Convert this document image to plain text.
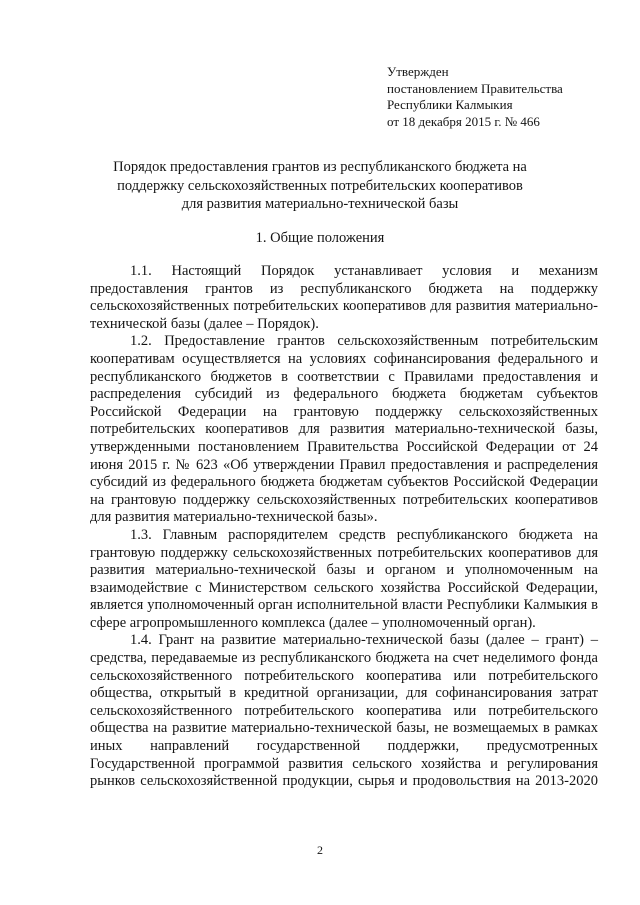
Утвержден
постановлением Правительства
Республики Калмыкия
от 18 декабря 2015 г. № 466
Порядок предоставления грантов из республиканского бюджета на поддержку сельскохозяйственных потребительских кооперативов для развития материально-технической базы
1. Общие положения

1.1. Настоящий Порядок устанавливает условия и механизм предоставления грантов из республиканского бюджета на поддержку сельскохозяйственных потребительских кооперативов для развития материально-технической базы (далее – Порядок).

1.2. Предоставление грантов сельскохозяйственным потребительским кооперативам осуществляется на условиях софинансирования федерального и республиканского бюджетов в соответствии с Правилами предоставления и распределения субсидий из федерального бюджета бюджетам субъектов Российской Федерации на грантовую поддержку сельскохозяйственных потребительских кооперативов для развития материально-технической базы, утвержденными постановлением Правительства Российской Федерации от 24 июня 2015 г. № 623 «Об утверждении Правил предоставления и распределения субсидий из федерального бюджета бюджетам субъектов Российской Федерации на грантовую поддержку сельскохозяйственных потребительских кооперативов для развития материально-технической базы».

1.3. Главным распорядителем средств республиканского бюджета на грантовую поддержку сельскохозяйственных потребительских кооперативов для развития материально-технической базы и органом и уполномоченным на взаимодействие с Министерством сельского хозяйства Российской Федерации, является уполномоченный орган исполнительной власти Республики Калмыкия в сфере агропромышленного комплекса (далее – уполномоченный орган).

1.4. Грант на развитие материально-технической базы (далее – грант) – средства, передаваемые из республиканского бюджета на счет неделимого фонда сельскохозяйственного потребительского кооператива или потребительского общества, открытый в кредитной организации, для софинансирования затрат сельскохозяйственного потребительского кооператива или потребительского общества на развитие материально-технической базы, не возмещаемых в рамках иных направлений государственной поддержки, предусмотренных Государственной программой развития сельского хозяйства и регулирования рынков сельскохозяйственной продукции, сырья и продовольствия на 2013-2020

2
